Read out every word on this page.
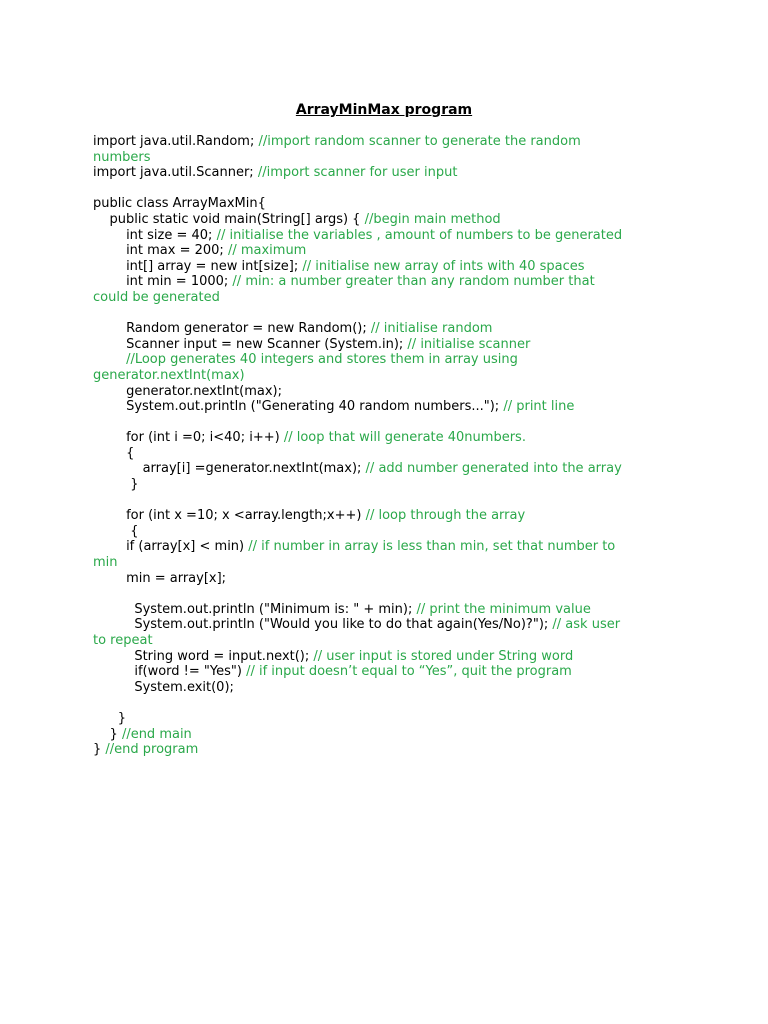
ArrayMinMax program
import java.util.Random; //import random scanner to generate the random
numbers
import java.util.Scanner; //import scanner for user input

public class ArrayMaxMin{
public static void main(String[] args) { //begin main method
int size = 40; // initialise the variables , amount of numbers to be generated
int max = 200; // maximum
int[] array = new int[size]; // initialise new array of ints with 40 spaces
int min = 1000; // min: a number greater than any random number that
could be generated

Random generator = new Random(); // initialise random
Scanner input = new Scanner (System.in); // initialise scanner
//Loop generates 40 integers and stores them in array using
generator.nextInt(max)
generator.nextInt(max);
System.out.println ("Generating 40 random numbers..."); // print line

for (int i =0; i<40; i++) // loop that will generate 40numbers.
{
array[i] =generator.nextInt(max); // add number generated into the array
}

for (int x =10; x <array.length;x++) // loop through the array
{
if (array[x] < min) // if number in array is less than min, set that number to
min
min = array[x];

System.out.println ("Minimum is: " + min); // print the minimum value
System.out.println ("Would you like to do that again(Yes/No)?"); // ask user
to repeat
String word = input.next(); // user input is stored under String word
if(word != "Yes") // if input doesn’t equal to “Yes”, quit the program
System.exit(0);

}
} //end main
} //end program
